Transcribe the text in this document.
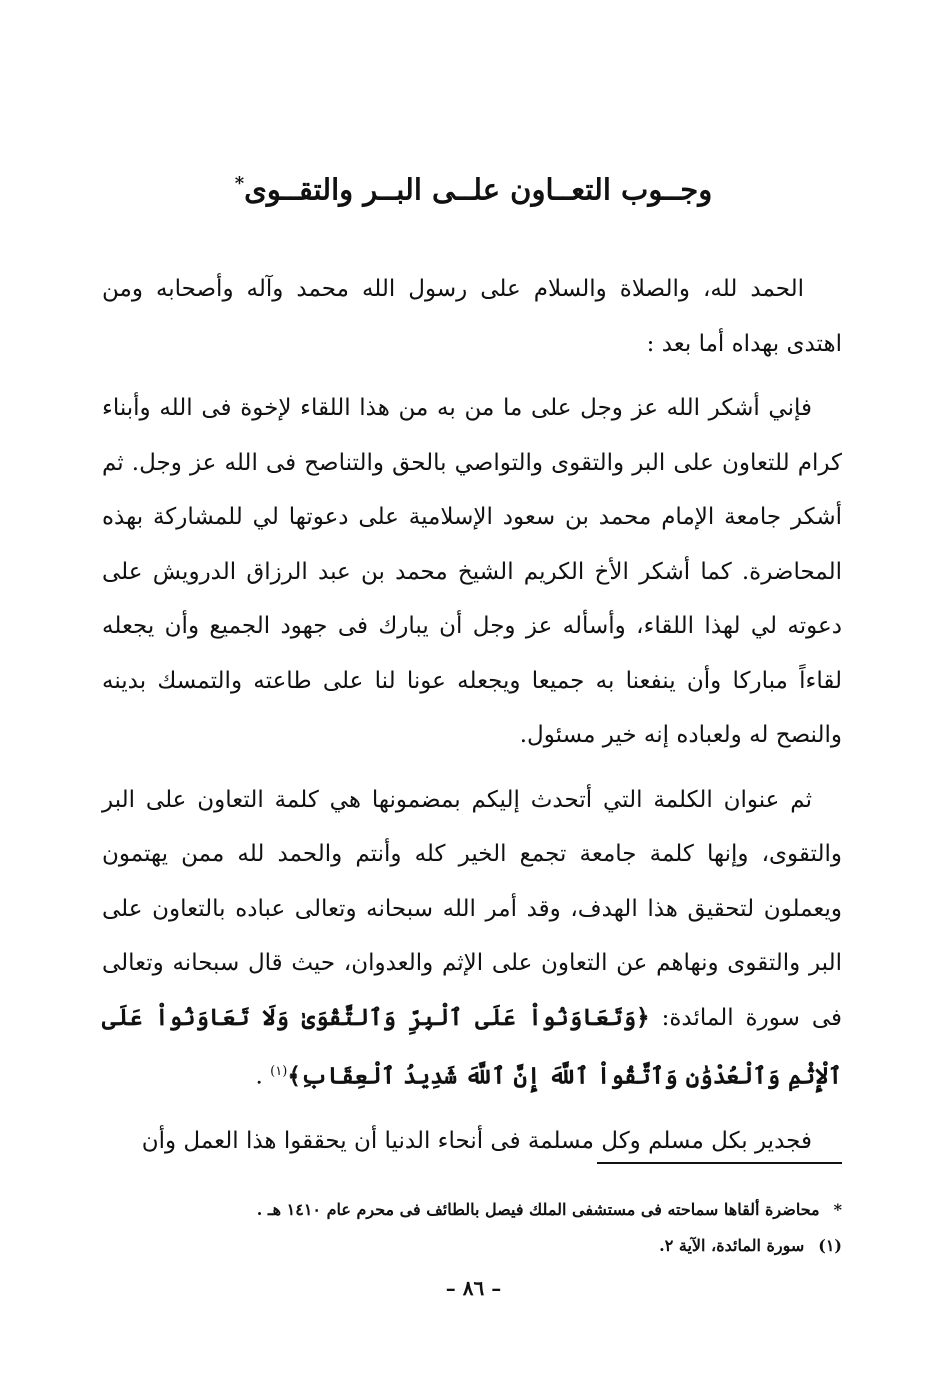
وجــوب التعــاون علــى البــر والتقــوى*

الحمد لله، والصلاة والسلام على رسول الله محمد وآله وأصحابه ومن اهتدى بهداه أما بعد :

فإني أشكر الله عز وجل على ما من به من هذا اللقاء لإخوة فى الله وأبناء كرام للتعاون على البر والتقوى والتواصي بالحق والتناصح فى الله عز وجل. ثم أشكر جامعة الإمام محمد بن سعود الإسلامية على دعوتها لي للمشاركة بهذه المحاضرة. كما أشكر الأخ الكريم الشيخ محمد بن عبد الرزاق الدرويش على دعوته لي لهذا اللقاء، وأسأله عز وجل أن يبارك فى جهود الجميع وأن يجعله لقاءاً مباركا وأن ينفعنا به جميعا ويجعله عونا لنا على طاعته والتمسك بدينه والنصح له ولعباده إنه خير مسئول.

ثم عنوان الكلمة التي أتحدث إليكم بمضمونها هي كلمة التعاون على البر والتقوى، وإنها كلمة جامعة تجمع الخير كله وأنتم والحمد لله ممن يهتمون ويعملون لتحقيق هذا الهدف، وقد أمر الله سبحانه وتعالى عباده بالتعاون على البر والتقوى ونهاهم عن التعاون على الإثم والعدوان، حيث قال سبحانه وتعالى فى سورة المائدة: ﴿وَتَعَاوَنُواْ عَلَى ٱلْبِرِّ وَٱلتَّقْوَىٰ وَلَا تَعَاوَنُواْ عَلَى ٱلْإِثْمِ وَٱلْعُدْوَٰنِ وَٱتَّقُواْ ٱللَّهَ إِنَّ ٱللَّهَ شَدِيدُ ٱلْعِقَابِ﴾$^{(١)}$ .

فجدير بكل مسلم وكل مسلمة فى أنحاء الدنيا أن يحققوا هذا العمل وأن

*محاضرة ألقاها سماحته فى مستشفى الملك فيصل بالطائف فى محرم عام ١٤١٠ هـ .

(١)سورة المائدة، الآية ٢.

– ٨٦ –
